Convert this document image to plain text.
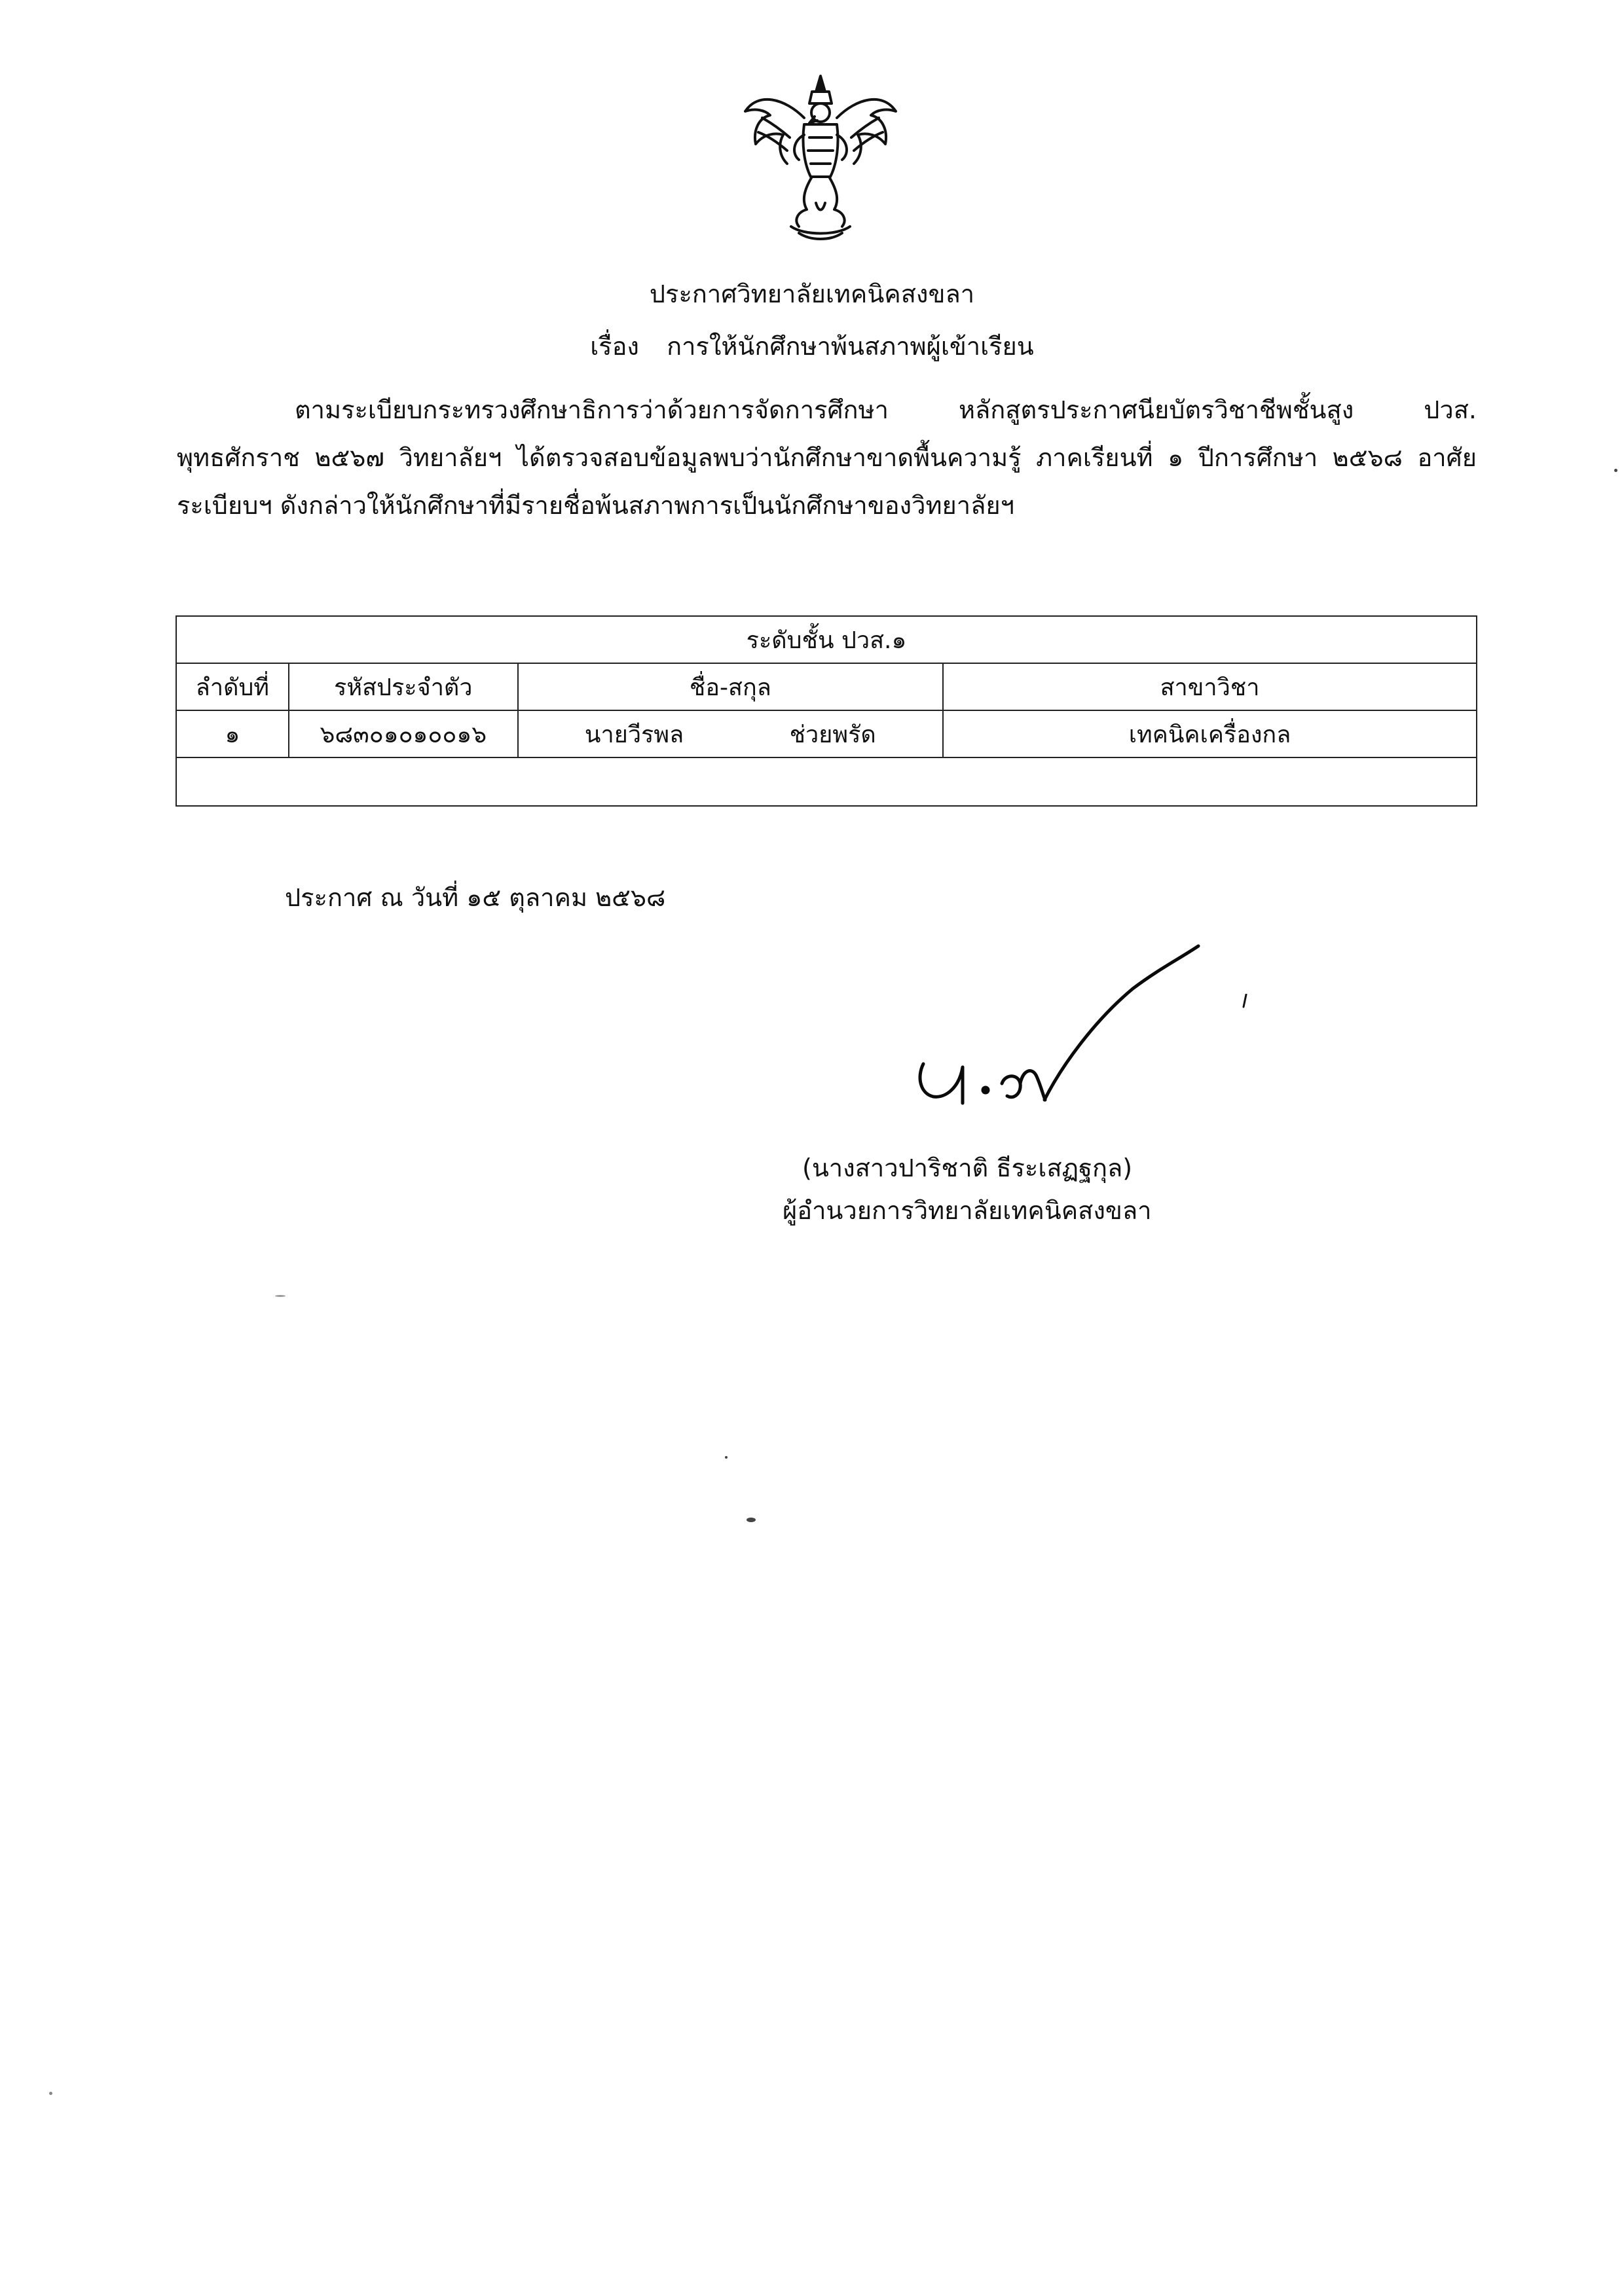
ประกาศวิทยาลัยเทคนิคสงขลา
เรื่อง การให้นักศึกษาพ้นสภาพผู้เข้าเรียน
ตามระเบียบกระทรวงศึกษาธิการว่าด้วยการจัดการศึกษา หลักสูตรประกาศนียบัตรวิชาชีพชั้นสูง ปวส. พุทธศักราช ๒๕๖๗ วิทยาลัยฯ ได้ตรวจสอบข้อมูลพบว่านักศึกษาขาดพื้นความรู้ ภาคเรียนที่ ๑ ปีการศึกษา ๒๕๖๘ อาศัยระเบียบฯ ดังกล่าวให้นักศึกษาที่มีรายชื่อพ้นสภาพการเป็นนักศึกษาของวิทยาลัยฯ
ระดับชั้น ปวส.๑			
ลำดับที่	รหัสประจำตัว	ชื่อ-สกุล	สาขาวิชา
๑	๖๘๓๐๑๐๑๐๐๑๖	นายวีรพล ช่วยพรัด	เทคนิคเครื่องกล

ประกาศ ณ วันที่ ๑๕ ตุลาคม ๒๕๖๘
(นางสาวปาริชาติ ธีระเสฏฐกุล)
ผู้อำนวยการวิทยาลัยเทคนิคสงขลา
